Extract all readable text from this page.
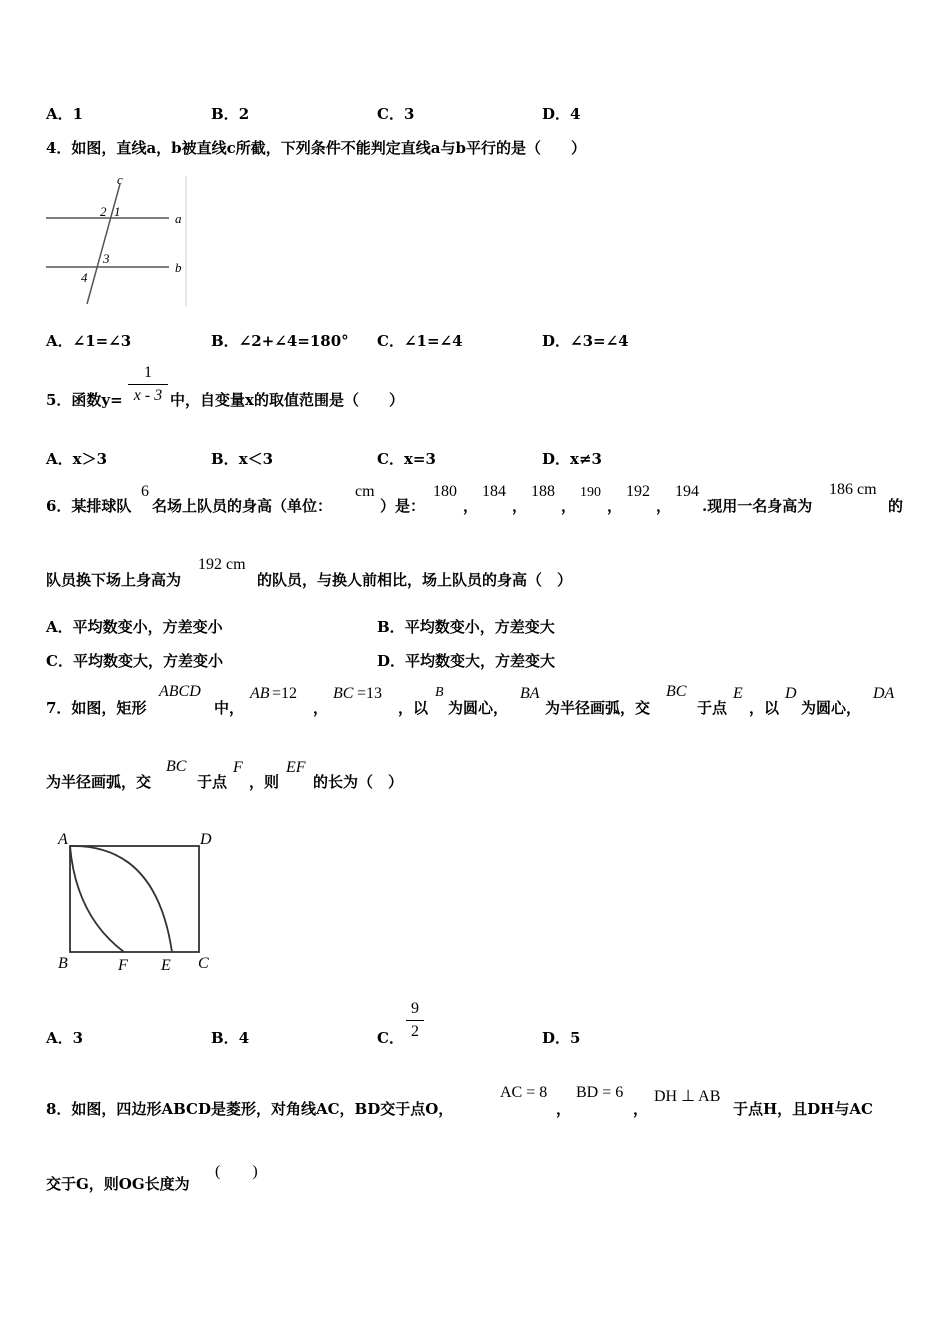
A．1	B．2	C．3	D．4
4．如图，直线a，b被直线c所截，下列条件不能判定直线a与b平行的是（　　）
c
a
b
2 1
3
4
A．∠1=∠3	B．∠2+∠4=180° C．∠1=∠4	D．∠3=∠4
5．函数y=
1
x - 3 中，自变量x的取值范围是（　　）
A．x＞3	B．x＜3	C．x=3	D．x≠3
6．某排球队
6
名场上队员的身高（单位：
cm
）是：
180
，
184
，
188
，
190
，
192
，
194
.现用一名身高为
186 cm
的
队员换下场上身高为
192 cm
的队员，与换人前相比，场上队员的身高（　）
A．平均数变小，方差变小	B．平均数变小，方差变大
C．平均数变大，方差变小	D．平均数变大，方差变大
7．如图，矩形
ABCD
中，
AB =12
，
BC =13
，以
B
为圆心，
BA
为半径画弧，交
BC
于点
E
，以
D
为圆心，
DA
为半径画弧，交
BC
于点
F
，则
EF
的长为（　）
A	D
B	F E C
A．3	B．4	C．
9
2	D．5
8．如图，四边形ABCD是菱形，对角线AC，BD交于点O，
AC = 8
，
BD = 6
，
DH ⊥ AB
于点H，且DH与AC
交于G，则OG长度为
(　　)
